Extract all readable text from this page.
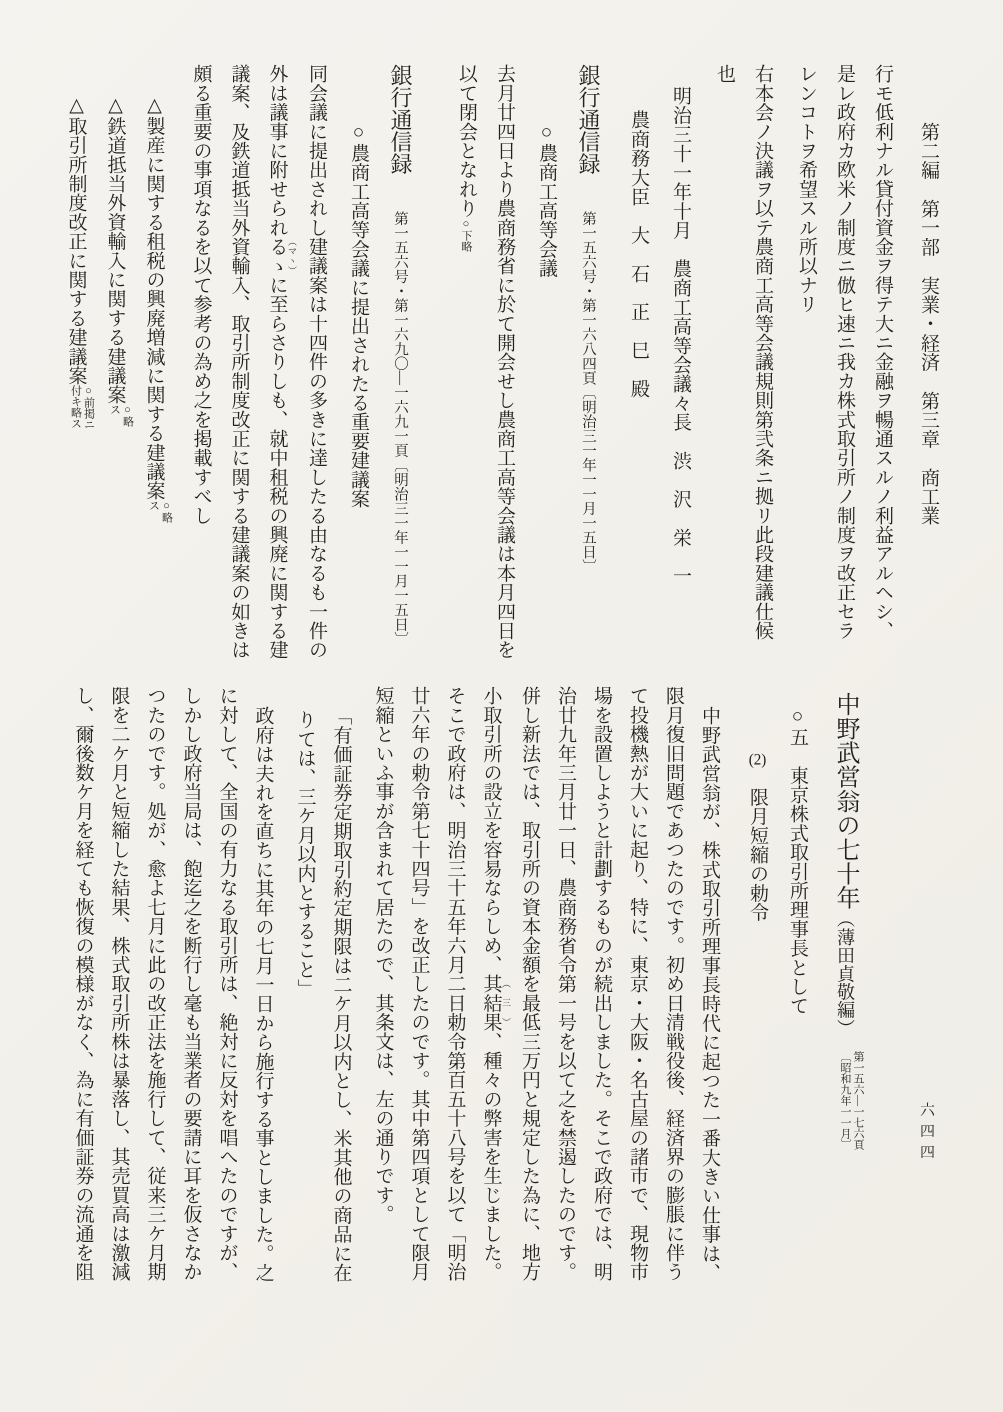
第二編　第一部　実業・経済　第三章　商工業
行モ低利ナル貸付資金ヲ得テ大ニ金融ヲ暢通スルノ利益アルヘシ、
是レ政府カ欧米ノ制度ニ倣ヒ速ニ我カ株式取引所ノ制度ヲ改正セラ
レンコトヲ希望スル所以ナリ
右本会ノ決議ヲ以テ農商工高等会議規則第弐条ニ拠リ此段建議仕候
也
明治三十一年十月　農商工高等会議々長　渋　沢　栄　一
農商務大臣　大　石　正　巳　殿
銀行通信録第一五六号・第一六八四頁〔明治三一年一一月一五日〕
○農商工高等会議
去月廿四日より農商務省に於て開会せし農商工高等会議は本月四日を
以て閉会となれり○下略
銀行通信録第一五六号・第一六九〇—一六九一頁〔明治三一年一一月一五日〕
○農商工高等会議に提出されたる重要建議案
同会議に提出されし建議案は十四件の多きに達したる由なるも一件の
外は議事に附せられるゝ （マヽ）に至らさりしも、就中租税の興廃に関する建
議案、及鉄道抵当外資輸入、取引所制度改正に関する建議案の如きは
頗る重要の事項なるを以て参考の為め之を掲載すべし
△製産に関する租税の興廃増減に関する建議案○略
ス
△鉄道抵当外資輸入に関する建議案○略
ス
△取引所制度改正に関する建議案○前掲ニ
付キ略ス
中野武営翁の七十年（薄田貞敬編）第一五六—一七六頁
〔昭和九年一一月〕
○五　東京株式取引所理事長として
(2)　限月短縮の勅令
中野武営翁が、株式取引所理事長時代に起つた一番大きい仕事は、
限月復旧問題であつたのです。初め日清戦役後、経済界の膨脹に伴う
て投機熱が大いに起り、特に、東京・大阪・名古屋の諸市で、現物市
場を設置しようと計劃するものが続出しました。そこで政府では、明
治廿九年三月廿一日、農商務省令第一号を以て之を禁遏したのです。
併し新法では、取引所の資本金額を最低三万円と規定した為に、地方
小取引所の設立を容易ならしめ、其結果 （三）、種々の弊害を生じました。
そこで政府は、明治三十五年六月二日勅令第百五十八号を以て「明治
廿六年の勅令第七十四号」を改正したのです。其中第四項として限月
短縮といふ事が含まれて居たので、其条文は、左の通りです。
「有価証券定期取引約定期限は二ケ月以内とし、米其他の商品に在
りては、三ケ月以内とすること」
政府は夫れを直ちに其年の七月一日から施行する事としました。之
に対して、全国の有力なる取引所は、絶対に反対を唱へたのですが、
しかし政府当局は、飽迄之を断行し毫も当業者の要請に耳を仮さなか
つたのです。処が、愈よ七月に此の改正法を施行して、従来三ケ月期
限を二ケ月と短縮した結果、株式取引所株は暴落し、其売買高は激減
し、爾後数ケ月を経ても恢復の模様がなく、為に有価証券の流通を阻	六四四
